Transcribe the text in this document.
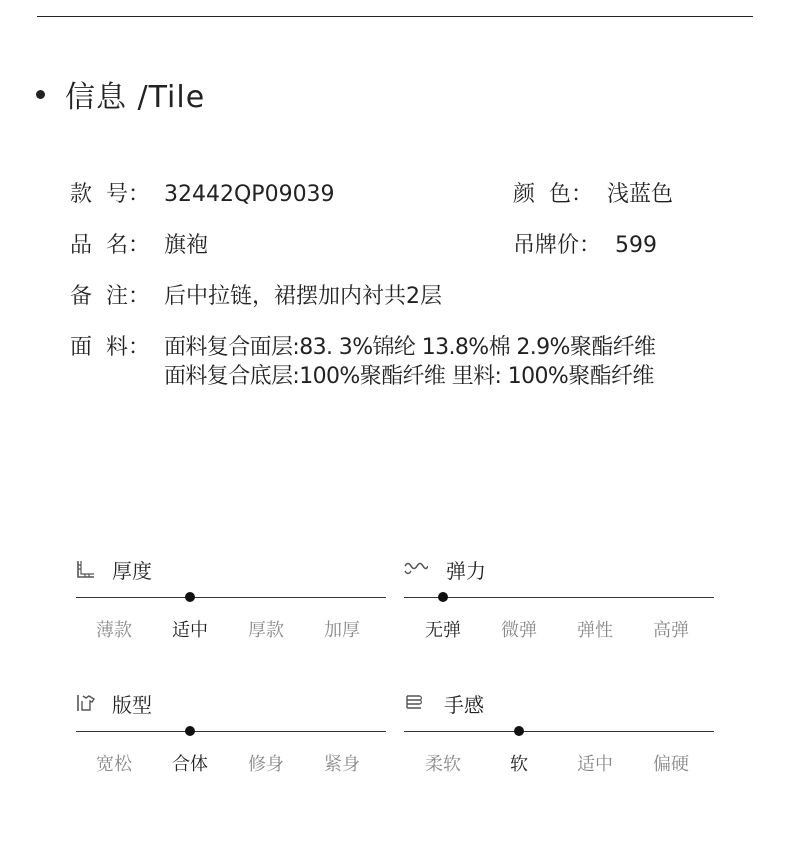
信息 /Tile
款  号： 32442QP09039	颜  色： 浅蓝色
品  名： 旗袍	吊牌价： 599
备  注： 后中拉链，裙摆加内衬共2层
面  料： 面料复合面层:83. 3%锦纶 13.8%棉 2.9%聚酯纤维
面料复合底层:100%聚酯纤维 里料: 100%聚酯纤维
厚度
薄款	适中	厚款	加厚
弹力
无弹	微弹	弹性	高弹
版型
宽松	合体	修身	紧身
手感
柔软	软	适中	偏硬
